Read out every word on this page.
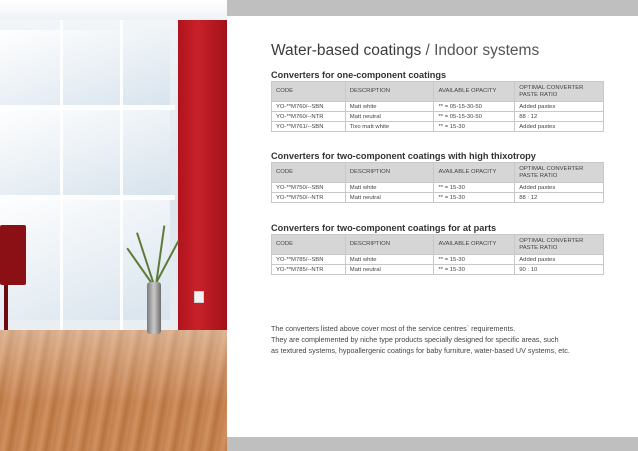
Water-based coatings / Indoor systems
Converters for one-component coatings
CODE	DESCRIPTION	AVAILABLE OPACITY	OPTIMAL CONVERTER PASTE RATIO
YO-**M760/--SBN	Matt white	** = 05-15-30-50	Added pastes
YO-**M760/--NTR	Matt neutral	** = 05-15-30-50	88 : 12
YO-**M761/--SBN	Tixo matt white	** = 15-30	Added pastes
Converters for two-component coatings with high thixotropy
CODE	DESCRIPTION	AVAILABLE OPACITY	OPTIMAL CONVERTER PASTE RATIO
YO-**M750/--SBN	Matt white	** = 15-30	Added pastes
YO-**M750/--NTR	Matt neutral	** = 15-30	88 : 12
Converters for two-component coatings for at parts
CODE	DESCRIPTION	AVAILABLE OPACITY	OPTIMAL CONVERTER PASTE RATIO
YO-**M785/--SBN	Matt white	** = 15-30	Added pastes
YO-**M785/--NTR	Matt neutral	** = 15-30	90 : 10
The converters listed above cover most of the service centres` requirements.
They are complemented by niche type products specially designed for specific areas, such
as textured systems, hypoallergenic coatings for baby furniture, water-based UV systems, etc.
